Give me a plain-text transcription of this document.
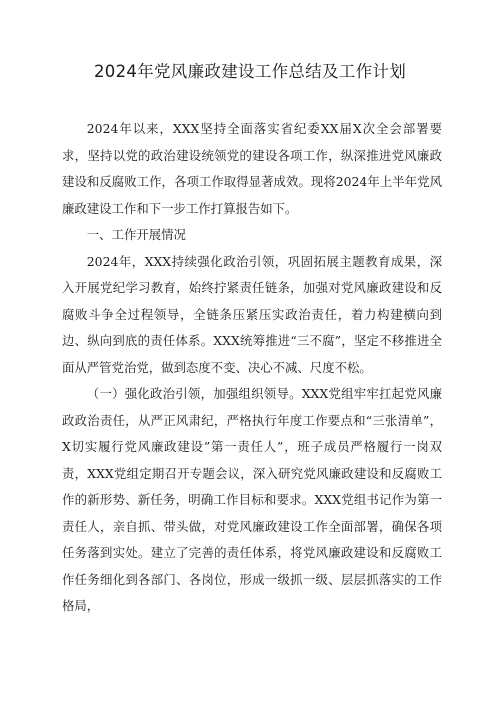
2024年党风廉政建设工作总结及工作计划

2024年以来，XXX坚持全面落实省纪委XX届X次全会部署要求，坚持以党的政治建设统领党的建设各项工作，纵深推进党风廉政建设和反腐败工作，各项工作取得显著成效。现将2024年上半年党风廉政建设工作和下一步工作打算报告如下。

一、工作开展情况

2024年，XXX持续强化政治引领，巩固拓展主题教育成果，深入开展党纪学习教育，始终拧紧责任链条，加强对党风廉政建设和反腐败斗争全过程领导，全链条压紧压实政治责任，着力构建横向到边、纵向到底的责任体系。XXX统筹推进“三不腐”，坚定不移推进全面从严管党治党，做到态度不变、决心不减、尺度不松。

（一）强化政治引领，加强组织领导。XXX党组牢牢扛起党风廉政政治责任，从严正风肃纪，严格执行年度工作要点和“三张清单”，X切实履行党风廉政建设”第一责任人”，班子成员严格履行一岗双责，XXX党组定期召开专题会议，深入研究党风廉政建设和反腐败工作的新形势、新任务，明确工作目标和要求。XXX党组书记作为第一责任人，亲自抓、带头做，对党风廉政建设工作全面部署，确保各项任务落到实处。建立了完善的责任体系，将党风廉政建设和反腐败工作任务细化到各部门、各岗位，形成一级抓一级、层层抓落实的工作格局，
